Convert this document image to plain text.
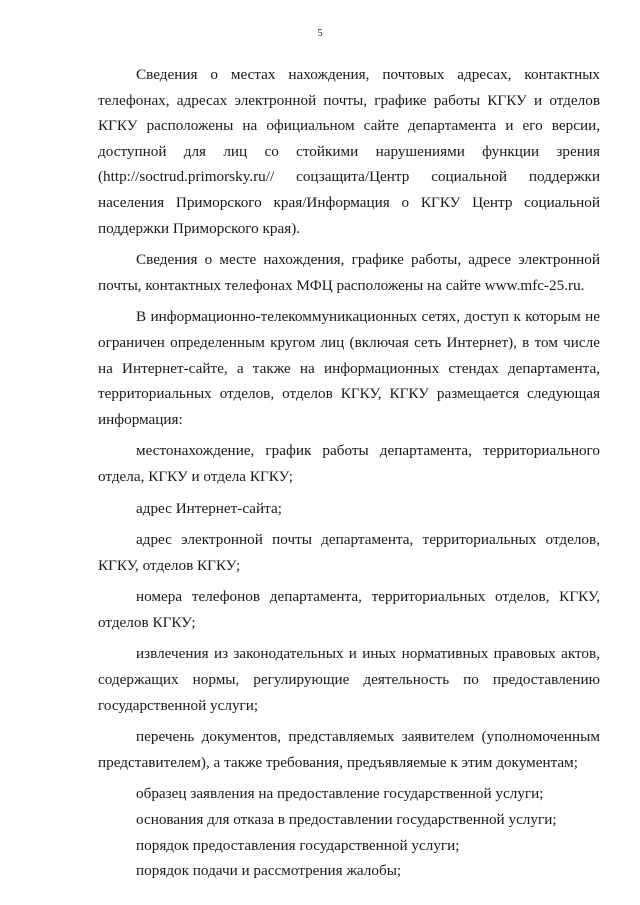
5

Сведения о местах нахождения, почтовых адресах, контактных телефонах, адресах электронной почты, графике работы КГКУ и отделов КГКУ расположены на официальном сайте департамента и его версии, доступной для лиц со стойкими нарушениями функции зрения (http://soctrud.primorsky.ru// соцзащита/Центр социальной поддержки населения Приморского края/Информация о КГКУ Центр социальной поддержки Приморского края).

Сведения о месте нахождения, графике работы, адресе электронной почты, контактных телефонах МФЦ расположены на сайте www.mfc-25.ru.

В информационно-телекоммуникационных сетях, доступ к которым не ограничен определенным кругом лиц (включая сеть Интернет), в том числе на Интернет-сайте, а также на информационных стендах департамента, территориальных отделов, отделов КГКУ, КГКУ размещается следующая информация:

местонахождение, график работы департамента, территориального отдела, КГКУ и отдела КГКУ;

адрес Интернет-сайта;

адрес электронной почты департамента, территориальных отделов, КГКУ, отделов КГКУ;

номера телефонов департамента, территориальных отделов, КГКУ, отделов КГКУ;

извлечения из законодательных и иных нормативных правовых актов, содержащих нормы, регулирующие деятельность по предоставлению государственной услуги;

перечень документов, представляемых заявителем (уполномоченным представителем), а также требования, предъявляемые к этим документам;

образец заявления на предоставление государственной услуги;

основания для отказа в предоставлении государственной услуги;

порядок предоставления государственной услуги;

порядок подачи и рассмотрения жалобы;
